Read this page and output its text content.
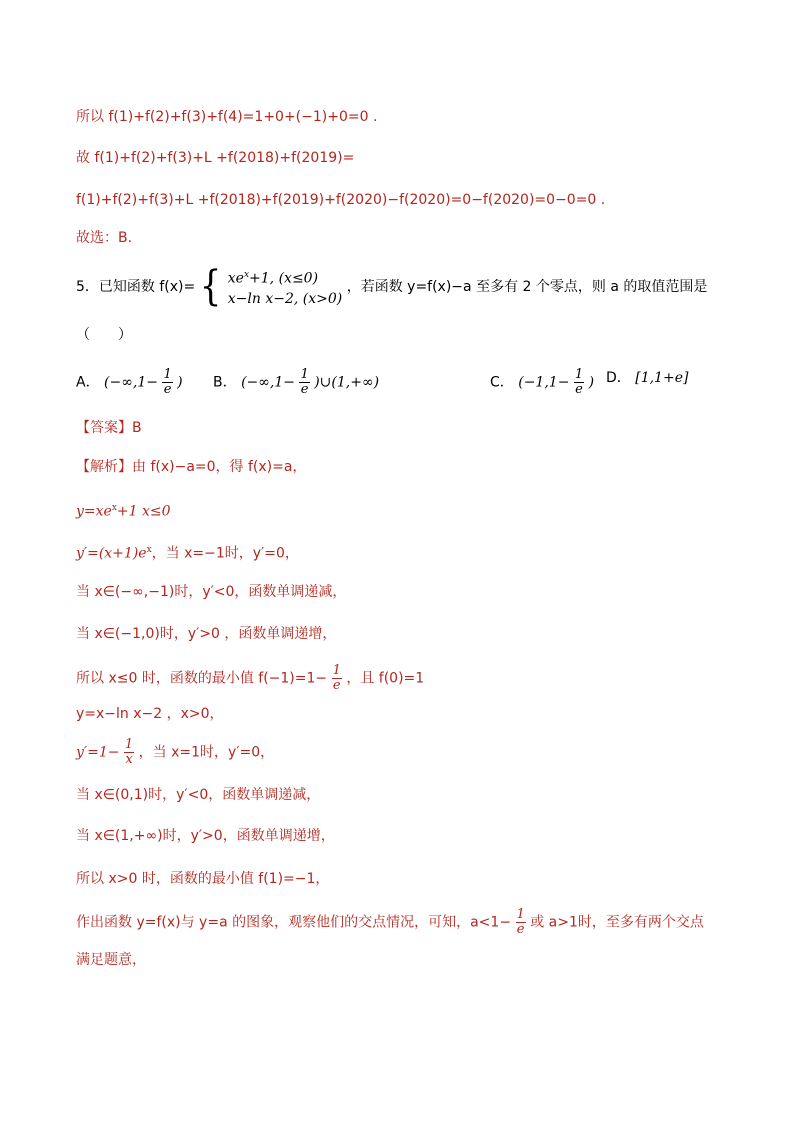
所以 f(1)+f(2)+f(3)+f(4)=1+0+(−1)+0=0 .
故 f(1)+f(2)+f(3)+L +f(2018)+f(2019)=
f(1)+f(2)+f(3)+L +f(2018)+f(2019)+f(2020)−f(2020)=0−f(2020)=0−0=0 .
故选：B.
5．已知函数 f(x)= { $xe^x+1$, (x≤0)
x−ln x−2, (x>0)
，若函数 y=f(x)−a 至多有 2 个零点，则 a 的取值范围是
（　　）
A． ($-\infty,1- \frac{1}{e}$ ) B． ($-\infty,1- \frac{1}{e}$ )∪(1,+∞)	C． ($-1,1- \frac{1}{e}$ ) D． [1,1+e]
【答案】B
【解析】由 f(x)−a=0，得 f(x)=a，
$y=xe^x+1$ x≤0
$y'=(x+1)e^x$，当 x=−1时，y′=0，
当 x∈(−∞,−1)时，y′<0，函数单调递减，
当 x∈(−1,0)时，y′>0 ，函数单调递增，
所以 x≤0 时，函数的最小值 $f(-1)=1- \frac{1}{e}$ ，且 f(0)=1
y=x−ln x−2 ，x>0，
$y'=1- \frac{1}{x}$ ，当 x=1时，y′=0，
当 x∈(0,1)时，y′<0，函数单调递减，
当 x∈(1,+∞)时，y′>0，函数单调递增，
所以 x>0 时，函数的最小值 f(1)=−1，
作出函数 y=f(x)与 y=a 的图象，观察他们的交点情况，可知，$a<1- \frac{1}{e}$ 或 a>1时，至多有两个交点
满足题意，
